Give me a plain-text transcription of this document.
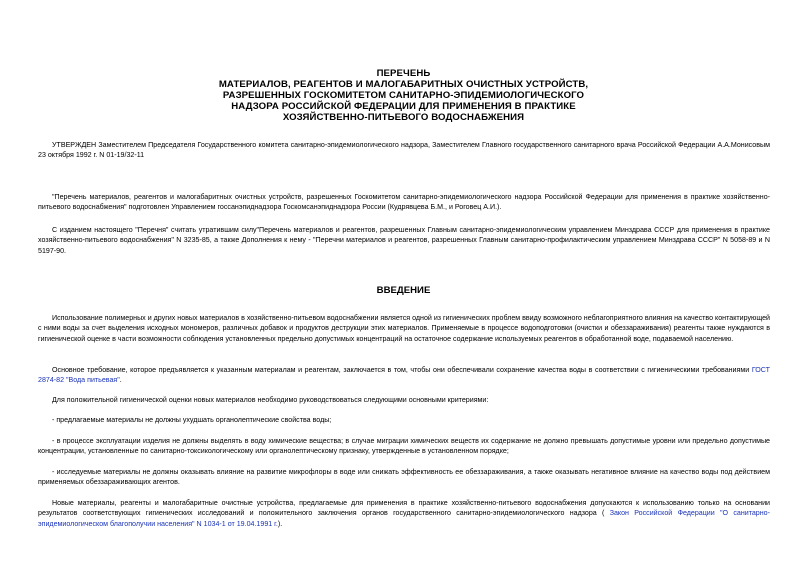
ПЕРЕЧЕНЬ
МАТЕРИАЛОВ, РЕАГЕНТОВ И МАЛОГАБАРИТНЫХ ОЧИСТНЫХ УСТРОЙСТВ,
РАЗРЕШЕННЫХ ГОСКОМИТЕТОМ САНИТАРНО-ЭПИДЕМИОЛОГИЧЕСКОГО
НАДЗОРА РОССИЙСКОЙ ФЕДЕРАЦИИ ДЛЯ ПРИМЕНЕНИЯ В ПРАКТИКЕ
ХОЗЯЙСТВЕННО-ПИТЬЕВОГО ВОДОСНАБЖЕНИЯ
УТВЕРЖДЕН Заместителем Председателя Государственного комитета санитарно-эпидемиологического надзора, Заместителем Главного государственного санитарного врача Российской Федерации А.А.Монисовым 23 октября 1992 г. N 01-19/32-11
"Перечень материалов, реагентов и малогабаритных очистных устройств, разрешенных Госкомитетом санитарно-эпидемиологического надзора Российской Федерации для применения в практике хозяйственно-питьевого водоснабжения" подготовлен Управлением госсанэпиднадзора Госкомсанэпиднадзора России (Кудрявцева Б.М., и Роговец А.И.).
С изданием настоящего "Перечня" считать утратившим силу"Перечень материалов и реагентов, разрешенных Главным санитарно-эпидемиологическим управлением Минздрава СССР для применения в практике хозяйственно-питьевого водоснабжения" N 3235-85, а также Дополнения к нему - "Перечни материалов и реагентов, разрешенных Главным санитарно-профилактическим управлением Минздрава СССР" N 5058-89 и N 5197-90.
ВВЕДЕНИЕ
Использование полимерных и других новых материалов в хозяйственно-питьевом водоснабжении является одной из гигиенических проблем ввиду возможного неблагоприятного влияния на качество контактирующей с ними воды за счет выделения исходных мономеров, различных добавок и продуктов деструкции этих материалов. Применяемые в процессе водоподготовки (очистки и обеззараживания) реагенты также нуждаются в гигиенической оценке в части возможности соблюдения установленных предельно допустимых концентраций на остаточное содержание используемых реагентов в обработанной воде, подаваемой населению.
Основное требование, которое предъявляется к указанным материалам и реагентам, заключается в том, чтобы они обеспечивали сохранение качества воды в соответствии с гигиеническими требованиями ГОСТ 2874-82 "Вода питьевая".
Для положительной гигиенической оценки новых материалов необходимо руководствоваться следующими основными критериями:
- предлагаемые материалы не должны ухудшать органолептические свойства воды;
- в процессе эксплуатации изделия не должны выделять в воду химические вещества; в случае миграции химических веществ их содержание не должно превышать допустимые уровни или предельно допустимые концентрации, установленные по санитарно-токсикологическому или органолептическому признаку, утвержденные в установленном порядке;
- исследуемые материалы не должны оказывать влияние на развитие микрофлоры в воде или снижать эффективность ее обеззараживания, а также оказывать негативное влияние на качество воды под действием применяемых обеззараживающих агентов.
Новые материалы, реагенты и малогабаритные очистные устройства, предлагаемые для применения в практике хозяйственно-питьевого водоснабжения допускаются к использованию только на основании результатов соответствующих гигиенических исследований и положительного заключения органов государственного санитарно-эпидемиологического надзора ( Закон Российской Федерации "О санитарно-эпидемиологическом благополучии населения" N 1034-1 от 19.04.1991 г.).
